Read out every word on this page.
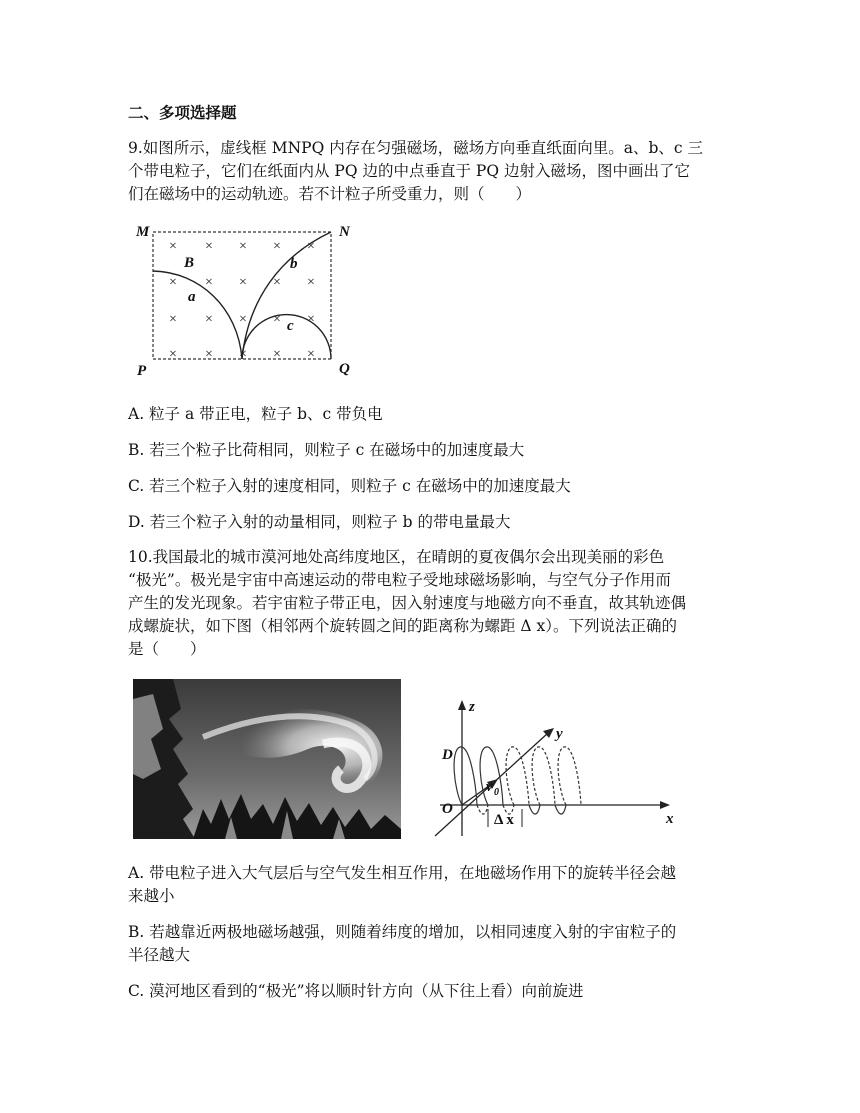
二、多项选择题
9.如图所示，虚线框 MNPQ 内存在匀强磁场，磁场方向垂直纸面向里。a、b、c 三
个带电粒子，它们在纸面内从 PQ 边的中点垂直于 PQ 边射入磁场，图中画出了它
们在磁场中的运动轨迹。若不计粒子所受重力，则（　　）
× × × × ×
× × × × ×
× × × × ×
× × × × ×
M	N
P	Q
B
a
b
c
A. 粒子 a 带正电，粒子 b、c 带负电
B. 若三个粒子比荷相同，则粒子 c 在磁场中的加速度最大
C. 若三个粒子入射的速度相同，则粒子 c 在磁场中的加速度最大
D. 若三个粒子入射的动量相同，则粒子 b 的带电量最大
10.我国最北的城市漠河地处高纬度地区，在晴朗的夏夜偶尔会出现美丽的彩色
“极光”。极光是宇宙中高速运动的带电粒子受地球磁场影响，与空气分子作用而
产生的发光现象。若宇宙粒子带正电，因入射速度与地磁方向不垂直，故其轨迹偶
成螺旋状，如下图（相邻两个旋转圆之间的距离称为螺距 Δ x）。下列说法正确的
是（　　）
z
y
x
D
O
v
Δ x
0
A. 带电粒子进入大气层后与空气发生相互作用，在地磁场作用下的旋转半径会越
来越小
B. 若越靠近两极地磁场越强，则随着纬度的增加，以相同速度入射的宇宙粒子的
半径越大
C. 漠河地区看到的“极光”将以顺时针方向（从下往上看）向前旋进
